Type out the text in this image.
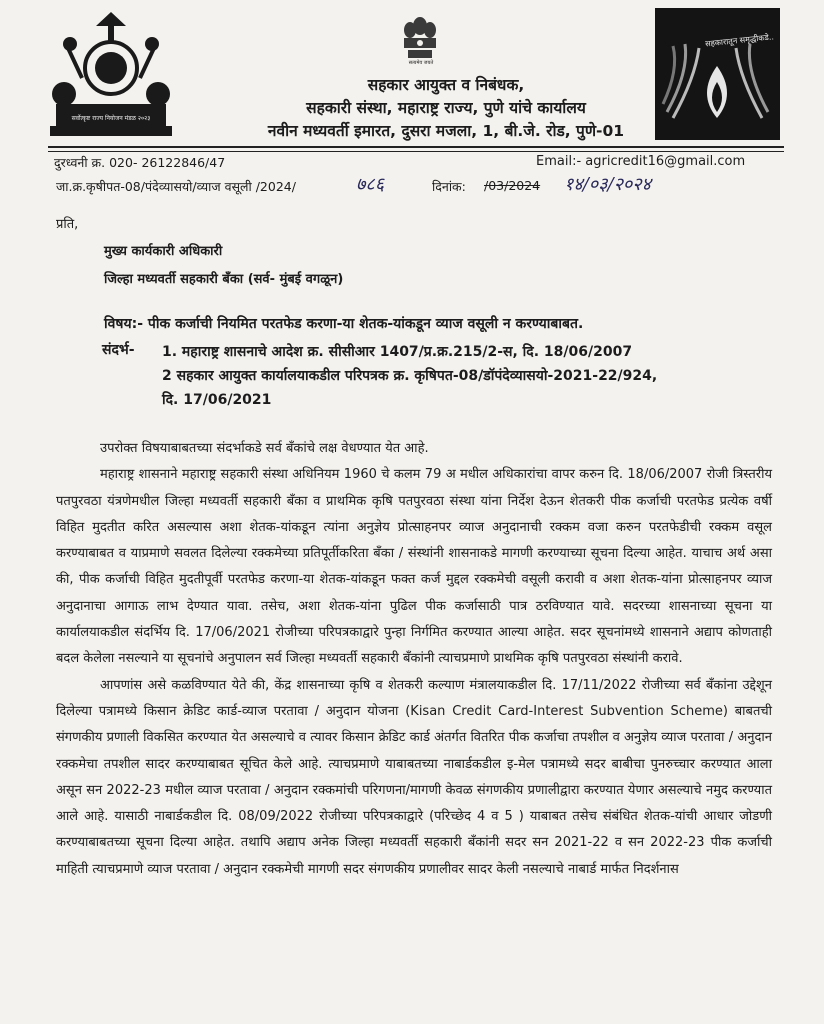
सर्वोत्कृष्ट राज्य नियोजन मंडळ २०२३
सत्यमेव जयते
सहकारातून समृद्धीकडे..
सहकार आयुक्त व निबंधक,
सहकारी संस्था, महाराष्ट्र राज्य, पुणे यांचे कार्यालय
नवीन मध्यवर्ती इमारत, दुसरा मजला, 1, बी.जे. रोड, पुणे-01
दुरध्वनी क्र. 020- 26122846/47	Email:- agricredit16@gmail.com
जा.क्र.कृषीपत-08/पंदेव्यासयो/व्याज वसूली /2024/	७८६	दिनांक: /03/2024 १४/०३/२०२४
प्रति,
मुख्य कार्यकारी अधिकारी
जिल्हा मध्यवर्ती सहकारी बँका (सर्व- मुंबई वगळून)
विषय:- पीक कर्जाची नियमित परतफेड करणा-या शेतक-यांकडून व्याज वसूली न करण्याबाबत.
संदर्भ- 1. महाराष्ट्र शासनाचे आदेश क्र. सीसीआर 1407/प्र.क्र.215/2-स, दि. 18/06/2007
2 सहकार आयुक्त कार्यालयाकडील परिपत्रक क्र. कृषिपत-08/डॉपंदेव्यासयो-2021-22/924,
दि. 17/06/2021

उपरोक्त विषयाबाबतच्या संदर्भाकडे सर्व बँकांचे लक्ष वेधण्यात येत आहे.

महाराष्ट्र शासनाने महाराष्ट्र सहकारी संस्था अधिनियम 1960 चे कलम 79 अ मधील अधिकारांचा वापर करुन दि. 18/06/2007 रोजी त्रिस्तरीय पतपुरवठा यंत्रणेमधील जिल्हा मध्यवर्ती सहकारी बँका व प्राथमिक कृषि पतपुरवठा संस्था यांना निर्देश देऊन शेतकरी पीक कर्जाची परतफेड प्रत्येक वर्षी विहित मुदतीत करित असल्यास अशा शेतक-यांकडून त्यांना अनुज्ञेय प्रोत्साहनपर व्याज अनुदानाची रक्कम वजा करुन परतफेडीची रक्कम वसूल करण्याबाबत व याप्रमाणे सवलत दिलेल्या रक्कमेच्या प्रतिपूर्तीकरिता बँका / संस्थांनी शासनाकडे मागणी करण्याच्या सूचना दिल्या आहेत. याचाच अर्थ असा की, पीक कर्जाची विहित मुदतीपूर्वी परतफेड करणा-या शेतक-यांकडून फक्त कर्ज मुद्दल रक्कमेची वसूली करावी व अशा शेतक-यांना प्रोत्साहनपर व्याज अनुदानाचा आगाऊ लाभ देण्यात यावा. तसेच, अशा शेतक-यांना पुढिल पीक कर्जासाठी पात्र ठरविण्यात यावे. सदरच्या शासनाच्या सूचना या कार्यालयाकडील संदर्भिय दि. 17/06/2021 रोजीच्या परिपत्रकाद्वारे पुन्हा निर्गमित करण्यात आल्या आहेत. सदर सूचनांमध्ये शासनाने अद्याप कोणताही बदल केलेला नसल्याने या सूचनांचे अनुपालन सर्व जिल्हा मध्यवर्ती सहकारी बँकांनी त्याचप्रमाणे प्राथमिक कृषि पतपुरवठा संस्थांनी करावे.

आपणांस असे कळविण्यात येते की, केंद्र शासनाच्या कृषि व शेतकरी कल्याण मंत्रालयाकडील दि. 17/11/2022 रोजीच्या सर्व बँकांना उद्देशून दिलेल्या पत्रामध्ये किसान क्रेडिट कार्ड-व्याज परतावा / अनुदान योजना (Kisan Credit Card-Interest Subvention Scheme) बाबतची संगणकीय प्रणाली विकसित करण्यात येत असल्याचे व त्यावर किसान क्रेडिट कार्ड अंतर्गत वितरित पीक कर्जाचा तपशील व अनुज्ञेय व्याज परतावा / अनुदान रक्कमेचा तपशील सादर करण्याबाबत सूचित केले आहे. त्याचप्रमाणे याबाबतच्या नाबार्डकडील इ-मेल पत्रामध्ये सदर बाबीचा पुनरुच्चार करण्यात आला असून सन 2022-23 मधील व्याज परतावा / अनुदान रक्कमांची परिगणना/मागणी केवळ संगणकीय प्रणालीद्वारा करण्यात येणार असल्याचे नमुद करण्यात आले आहे. यासाठी नाबार्डकडील दि. 08/09/2022 रोजीच्या परिपत्रकाद्वारे (परिच्छेद 4 व 5 ) याबाबत तसेच संबंधित शेतक-यांची आधार जोडणी करण्याबाबतच्या सूचना दिल्या आहेत. तथापि अद्याप अनेक जिल्हा मध्यवर्ती सहकारी बँकांनी सदर सन 2021-22 व सन 2022-23 पीक कर्जाची माहिती त्याचप्रमाणे व्याज परतावा / अनुदान रक्कमेची मागणी सदर संगणकीय प्रणालीवर सादर केली नसल्याचे नाबार्ड मार्फत निदर्शनास
